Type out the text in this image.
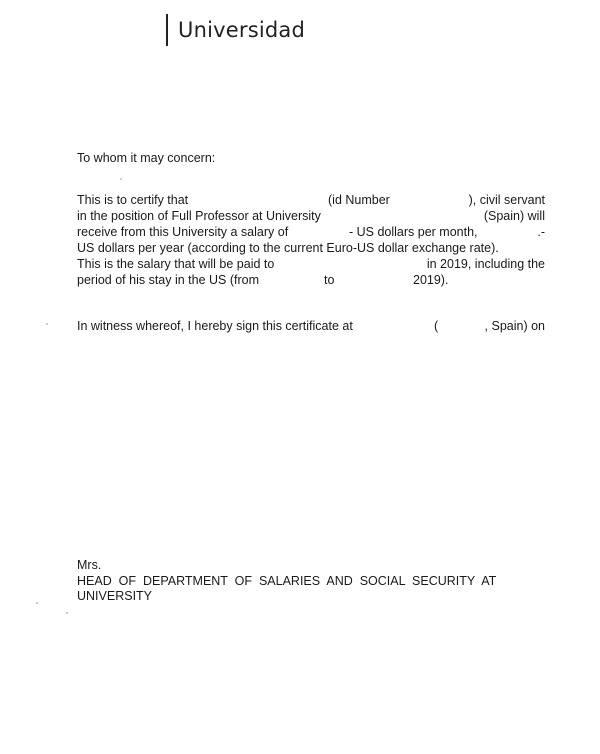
Universidad
To whom it may concern:
This is to certify that	(id Number	), civil servant
in the position of Full Professor at University	(Spain) will
receive from this University a salary of	- US dollars per month,	.-
US dollars per year (according to the current Euro-US dollar exchange rate).
This is the salary that will be paid to	in 2019, including the
period of his stay in the US (from	to	2019).
In witness whereof, I hereby sign this certificate at	(	, Spain) on
Mrs.
HEAD  OF  DEPARTMENT  OF  SALARIES  AND  SOCIAL  SECURITY  AT
UNIVERSITY
